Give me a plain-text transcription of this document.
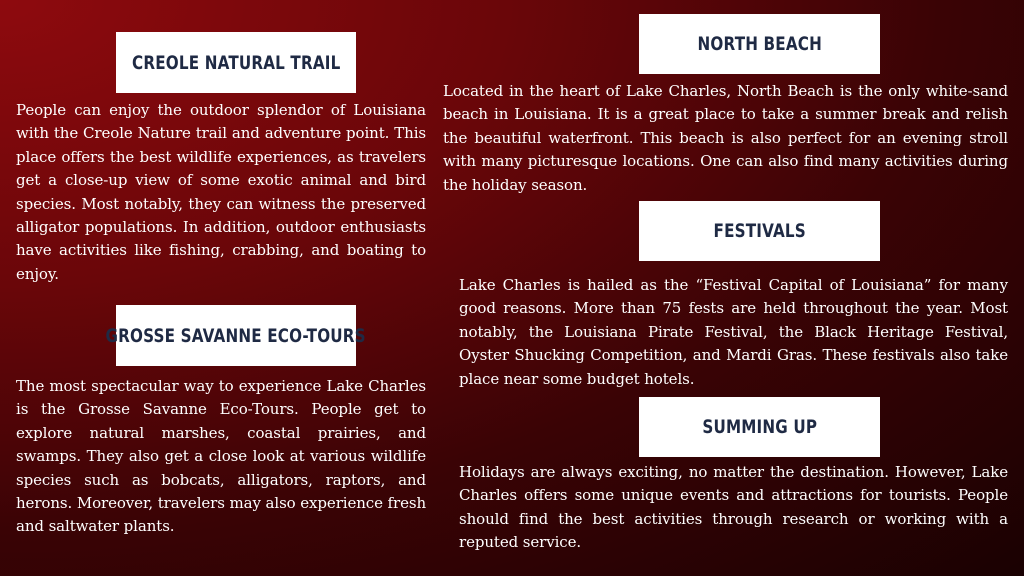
CREOLE NATURAL TRAIL

People can enjoy the outdoor splendor of Louisiana with the Creole Nature trail and adventure point. This place offers the best wildlife experiences, as travelers get a close-up view of some exotic animal and bird species. Most notably, they can witness the preserved alligator populations. In addition, outdoor enthusiasts have activities like fishing, crabbing, and boating to enjoy.

GROSSE SAVANNE ECO-TOURS

The most spectacular way to experience Lake Charles is the Grosse Savanne Eco-Tours. People get to explore natural marshes, coastal prairies, and swamps. They also get a close look at various wildlife species such as bobcats, alligators, raptors, and herons. Moreover, travelers may also experience fresh and saltwater plants.

NORTH BEACH

Located in the heart of Lake Charles, North Beach is the only white-sand beach in Louisiana. It is a great place to take a summer break and relish the beautiful waterfront. This beach is also perfect for an evening stroll with many picturesque locations. One can also find many activities during the holiday season.

FESTIVALS

Lake Charles is hailed as the “Festival Capital of Louisiana” for many good reasons. More than 75 fests are held throughout the year. Most notably, the Louisiana Pirate Festival, the Black Heritage Festival, Oyster Shucking Competition, and Mardi Gras. These festivals also take place near some budget hotels.

SUMMING UP

Holidays are always exciting, no matter the destination. However, Lake Charles offers some unique events and attractions for tourists. People should find the best activities through research or working with a reputed service.
